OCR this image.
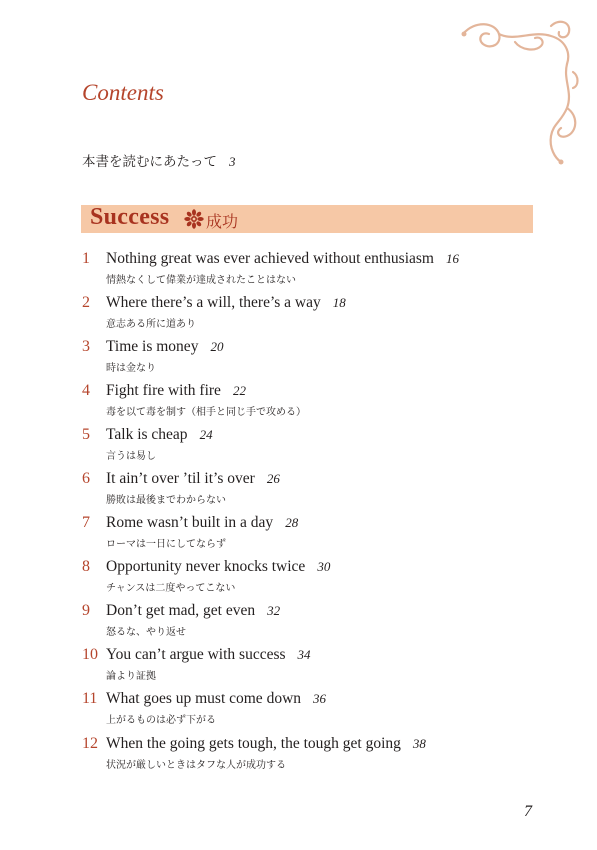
Contents
本書を読むにあたって 3
Success 成功
1 Nothing great was ever achieved without enthusiasm 16
情熱なくして偉業が達成されたことはない
2 Where there’s a will, there’s a way 18
意志ある所に道あり
3 Time is money 20
時は金なり
4 Fight fire with fire 22
毒を以て毒を制す（相手と同じ手で攻める）
5 Talk is cheap 24
言うは易し
6 It ain’t over ’til it’s over 26
勝敗は最後までわからない
7 Rome wasn’t built in a day 28
ローマは一日にしてならず
8 Opportunity never knocks twice 30
チャンスは二度やってこない
9 Don’t get mad, get even 32
怒るな、やり返せ
10 You can’t argue with success 34
論より証拠
11 What goes up must come down 36
上がるものは必ず下がる
12 When the going gets tough, the tough get going 38
状況が厳しいときはタフな人が成功する
7
